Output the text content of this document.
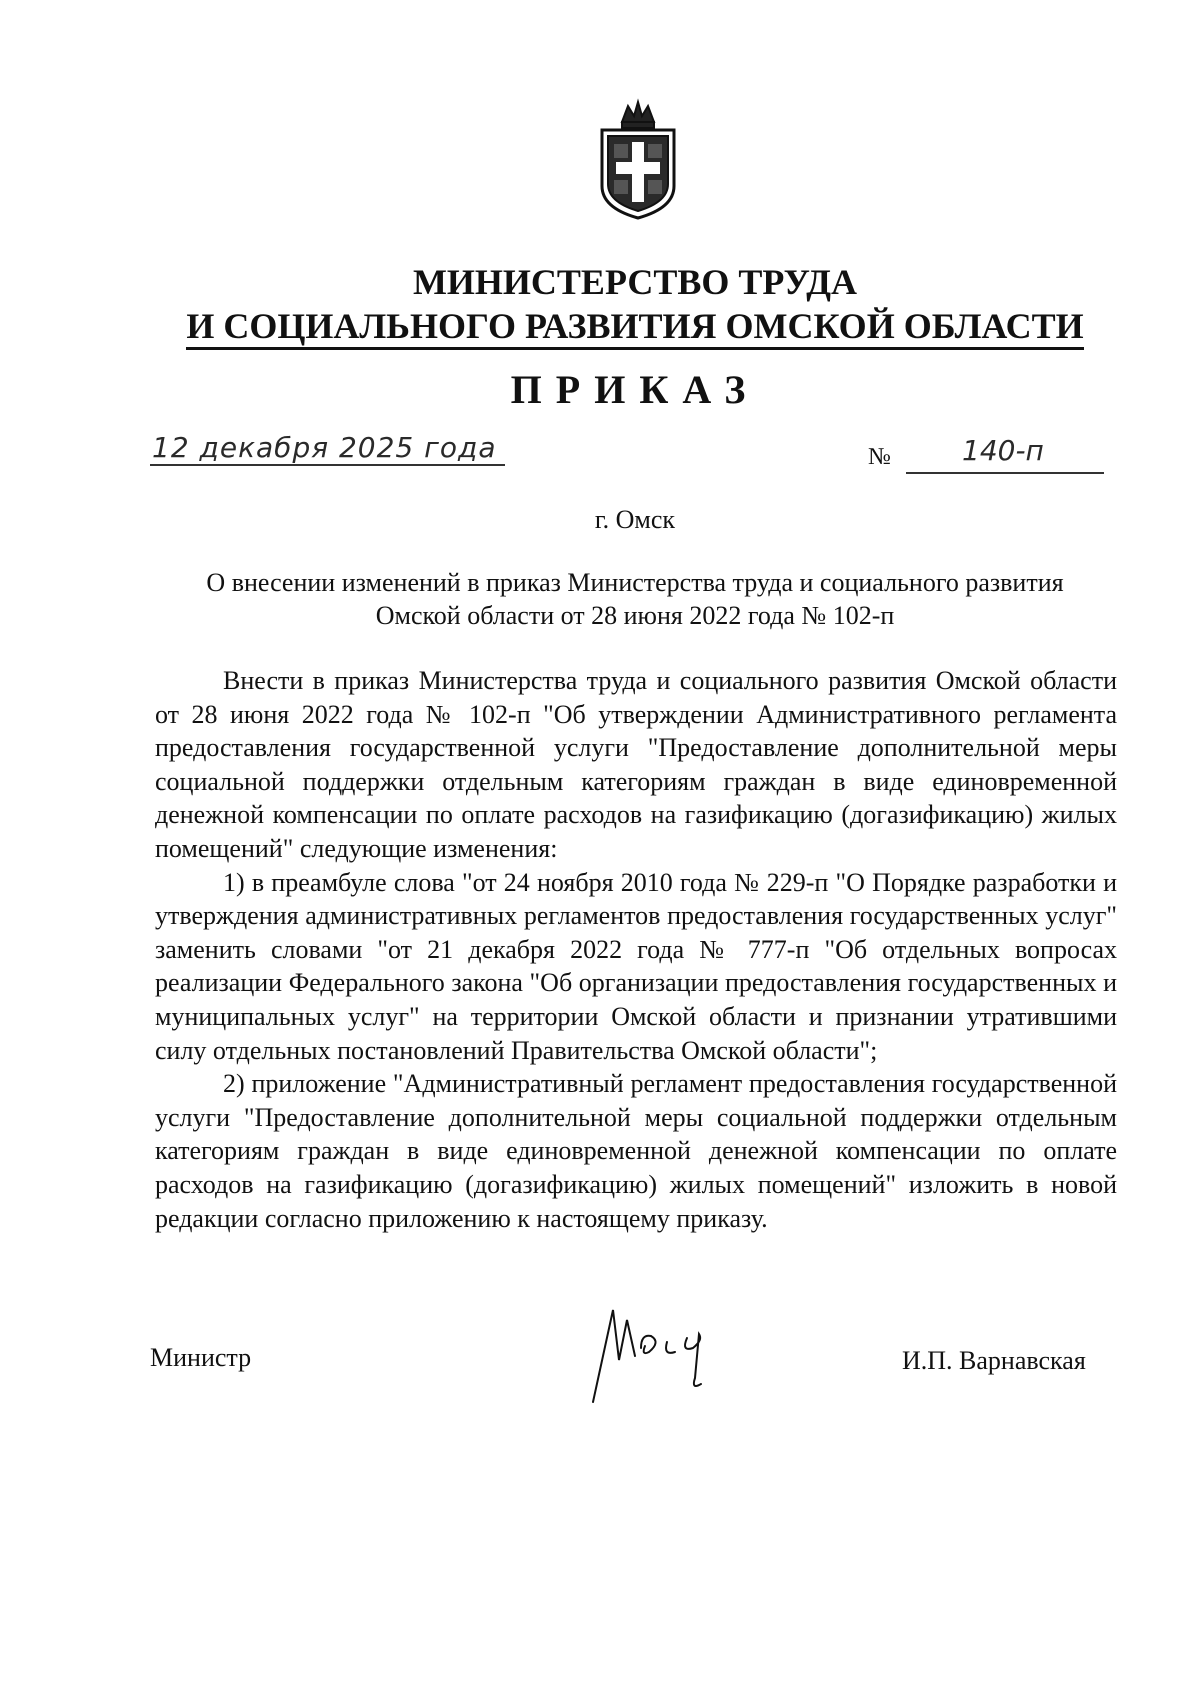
МИНИСТЕРСТВО ТРУДА
И СОЦИАЛЬНОГО РАЗВИТИЯ ОМСКОЙ ОБЛАСТИ
ПРИКАЗ
12 декабря 2025 года	№	140-п
г. Омск
О внесении изменений в приказ Министерства труда и социального развития
Омской области от 28 июня 2022 года № 102-п

Внести в приказ Министерства труда и социального развития Омской области от 28 июня 2022 года № 102-п "Об утверждении Административного регламента предоставления государственной услуги "Предоставление дополнительной меры социальной поддержки отдельным категориям граждан в виде единовременной денежной компенсации по оплате расходов на газификацию (догазификацию) жилых помещений" следующие изменения:

1) в преамбуле слова "от 24 ноября 2010 года № 229-п "О Порядке разработки и утверждения административных регламентов предоставления государственных услуг" заменить словами "от 21 декабря 2022 года № 777-п "Об отдельных вопросах реализации Федерального закона "Об организации предоставления государственных и муниципальных услуг" на территории Омской области и признании утратившими силу отдельных постановлений Правительства Омской области";

2) приложение "Административный регламент предоставления государственной услуги "Предоставление дополнительной меры социальной поддержки отдельным категориям граждан в виде единовременной денежной компенсации по оплате расходов на газификацию (догазификацию) жилых помещений" изложить в новой редакции согласно приложению к настоящему приказу.

Министр	И.П. Варнавская
